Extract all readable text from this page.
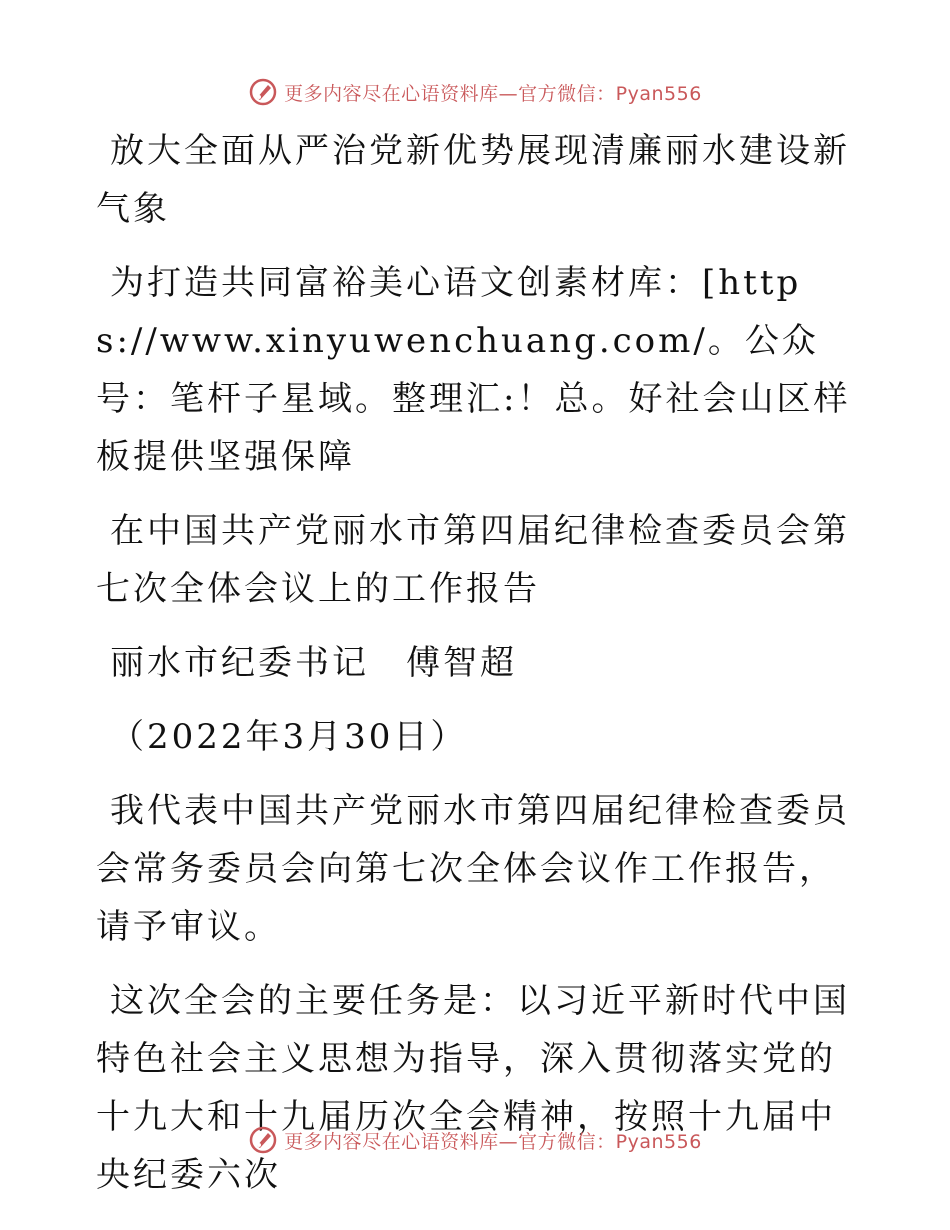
更多内容尽在心语资料库—官方微信：Pyan556

放大全面从严治党新优势展现清廉丽水建设新气象

为打造共同富裕美心语文创素材库：[https://www.xinyuwenchuang.com/。公众号：笔杆子星域。整理汇:！总。好社会山区样板提供坚强保障

在中国共产党丽水市第四届纪律检查委员会第七次全体会议上的工作报告

丽水市纪委书记　傅智超

（2022年3月30日）

我代表中国共产党丽水市第四届纪律检查委员会常务委员会向第七次全体会议作工作报告，请予审议。

这次全会的主要任务是：以习近平新时代中国特色社会主义思想为指导，深入贯彻落实党的十九大和十九届历次全会精神，按照十九届中央纪委六次

更多内容尽在心语资料库—官方微信：Pyan556
